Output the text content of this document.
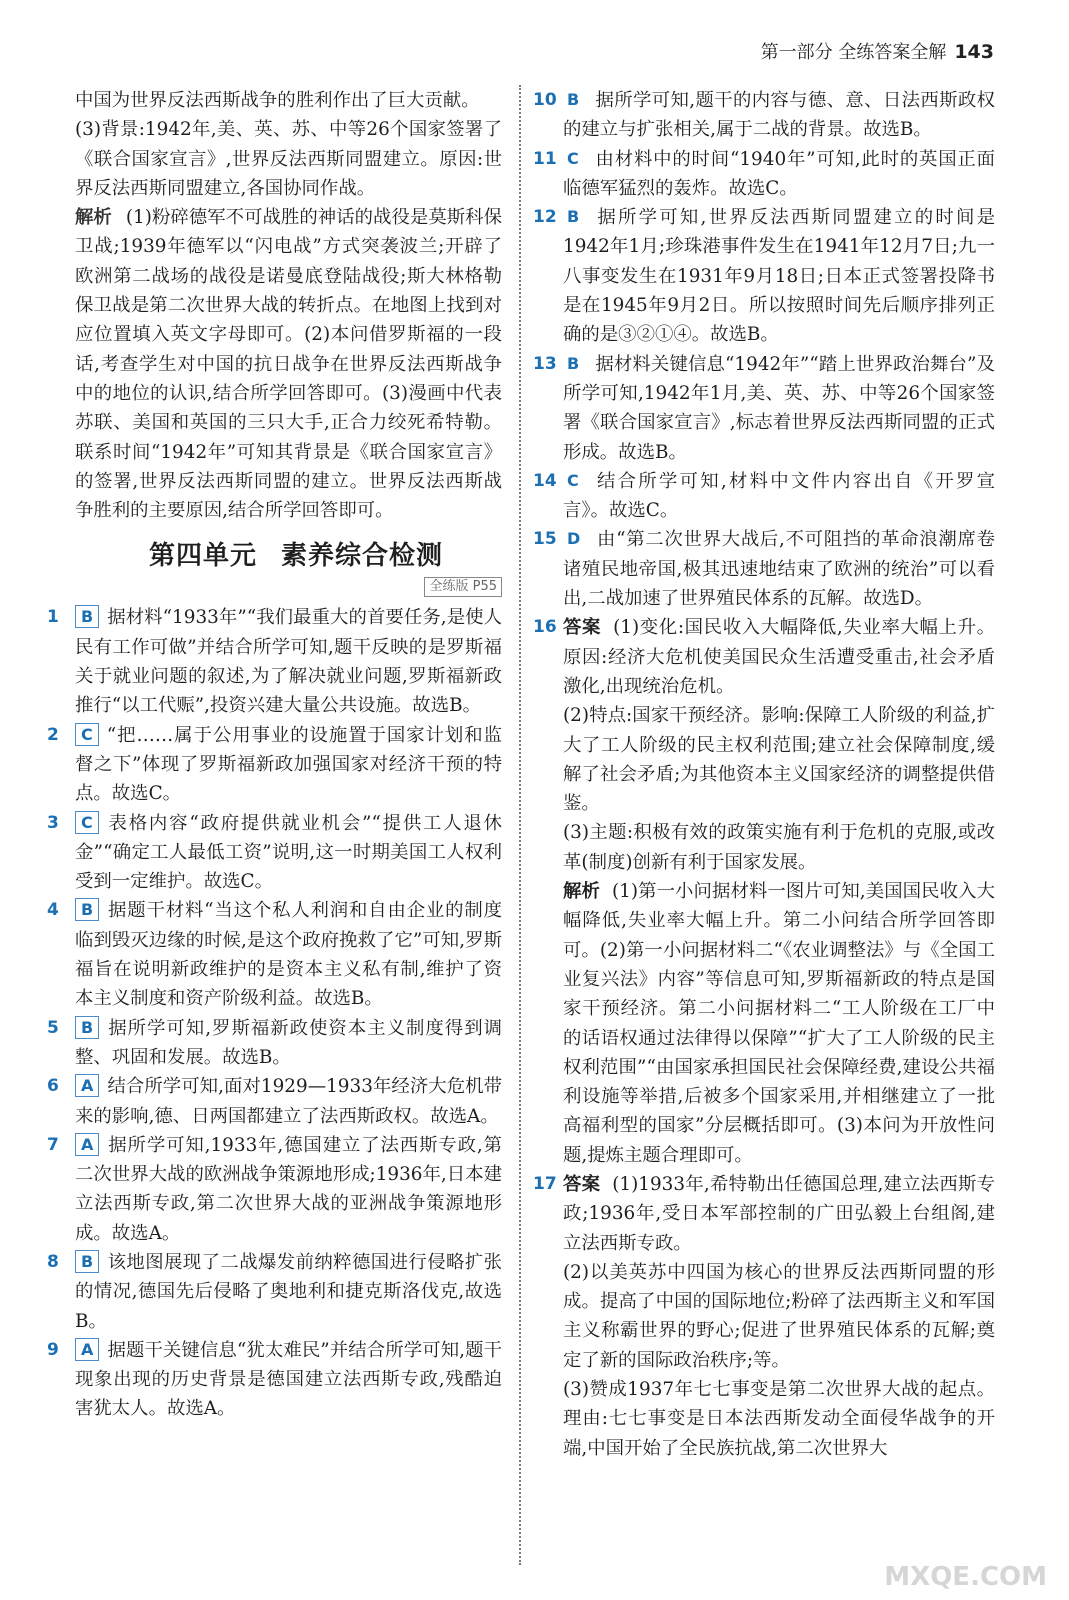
第一部分 全练答案全解 143

中国为世界反法西斯战争的胜利作出了巨大贡献。

(3)背景:1942年,美、英、苏、中等26个国家签署了《联合国家宣言》,世界反法西斯同盟建立。原因:世界反法西斯同盟建立,各国协同作战。

解析 (1)粉碎德军不可战胜的神话的战役是莫斯科保卫战;1939年德军以“闪电战”方式突袭波兰;开辟了欧洲第二战场的战役是诺曼底登陆战役;斯大林格勒保卫战是第二次世界大战的转折点。在地图上找到对应位置填入英文字母即可。(2)本问借罗斯福的一段话,考查学生对中国的抗日战争在世界反法西斯战争中的地位的认识,结合所学回答即可。(3)漫画中代表苏联、美国和英国的三只大手,正合力绞死希特勒。联系时间“1942年”可知其背景是《联合国家宣言》的签署,世界反法西斯同盟的建立。世界反法西斯战争胜利的主要原因,结合所学回答即可。

第四单元 素养综合检测
全练版 P55
1 B 据材料“1933年”“我们最重大的首要任务,是使人民有工作可做”并结合所学可知,题干反映的是罗斯福关于就业问题的叙述,为了解决就业问题,罗斯福新政推行“以工代赈”,投资兴建大量公共设施。故选B。
2 C “把……属于公用事业的设施置于国家计划和监督之下”体现了罗斯福新政加强国家对经济干预的特点。故选C。
3 C 表格内容“政府提供就业机会”“提供工人退休金”“确定工人最低工资”说明,这一时期美国工人权利受到一定维护。故选C。
4 B 据题干材料“当这个私人利润和自由企业的制度临到毁灭边缘的时候,是这个政府挽救了它”可知,罗斯福旨在说明新政维护的是资本主义私有制,维护了资本主义制度和资产阶级利益。故选B。
5 B 据所学可知,罗斯福新政使资本主义制度得到调整、巩固和发展。故选B。
6 A 结合所学可知,面对1929—1933年经济大危机带来的影响,德、日两国都建立了法西斯政权。故选A。
7 A 据所学可知,1933年,德国建立了法西斯专政,第二次世界大战的欧洲战争策源地形成;1936年,日本建立法西斯专政,第二次世界大战的亚洲战争策源地形成。故选A。
8 B 该地图展现了二战爆发前纳粹德国进行侵略扩张的情况,德国先后侵略了奥地利和捷克斯洛伐克,故选B。
9 A 据题干关键信息“犹太难民”并结合所学可知,题干现象出现的历史背景是德国建立法西斯专政,残酷迫害犹太人。故选A。
10 B 据所学可知,题干的内容与德、意、日法西斯政权的建立与扩张相关,属于二战的背景。故选B。
11 C 由材料中的时间“1940年”可知,此时的英国正面临德军猛烈的轰炸。故选C。
12 B 据所学可知,世界反法西斯同盟建立的时间是1942年1月;珍珠港事件发生在1941年12月7日;九一八事变发生在1931年9月18日;日本正式签署投降书是在1945年9月2日。所以按照时间先后顺序排列正确的是③②①④。故选B。
13 B 据材料关键信息“1942年”“踏上世界政治舞台”及所学可知,1942年1月,美、英、苏、中等26个国家签署《联合国家宣言》,标志着世界反法西斯同盟的正式形成。故选B。
14 C 结合所学可知,材料中文件内容出自《开罗宣言》。故选C。
15 D 由“第二次世界大战后,不可阻挡的革命浪潮席卷诸殖民地帝国,极其迅速地结束了欧洲的统治”可以看出,二战加速了世界殖民体系的瓦解。故选D。
16 答案 (1)变化:国民收入大幅降低,失业率大幅上升。原因:经济大危机使美国民众生活遭受重击,社会矛盾激化,出现统治危机。
(2)特点:国家干预经济。影响:保障工人阶级的利益,扩大了工人阶级的民主权利范围;建立社会保障制度,缓解了社会矛盾;为其他资本主义国家经济的调整提供借鉴。
(3)主题:积极有效的政策实施有利于危机的克服,或改革(制度)创新有利于国家发展。
解析 (1)第一小问据材料一图片可知,美国国民收入大幅降低,失业率大幅上升。第二小问结合所学回答即可。(2)第一小问据材料二“《农业调整法》与《全国工业复兴法》内容”等信息可知,罗斯福新政的特点是国家干预经济。第二小问据材料二“工人阶级在工厂中的话语权通过法律得以保障”“扩大了工人阶级的民主权利范围”“由国家承担国民社会保障经费,建设公共福利设施等举措,后被多个国家采用,并相继建立了一批高福利型的国家”分层概括即可。(3)本问为开放性问题,提炼主题合理即可。
17 答案 (1)1933年,希特勒出任德国总理,建立法西斯专政;1936年,受日本军部控制的广田弘毅上台组阁,建立法西斯专政。
(2)以美英苏中四国为核心的世界反法西斯同盟的形成。提高了中国的国际地位;粉碎了法西斯主义和军国主义称霸世界的野心;促进了世界殖民体系的瓦解;奠定了新的国际政治秩序;等。
(3)赞成1937年七七事变是第二次世界大战的起点。理由:七七事变是日本法西斯发动全面侵华战争的开端,中国开始了全民族抗战,第二次世界大
MXQE.COM
